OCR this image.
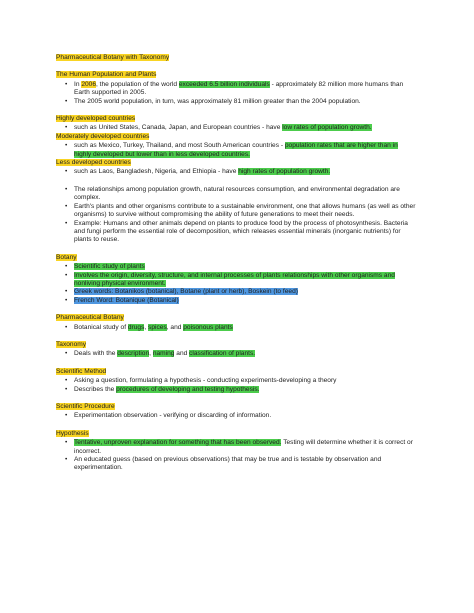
Pharmaceutical Botany with Taxonomy

The Human Population and Plants

• In 2006, the population of the world exceeded 6.5 billion individuals - approximately 82 million more humans than Earth supported in 2005.
• The 2005 world population, in turn, was approximately 81 million greater than the 2004 population.

Highly developed countries

• such as United States, Canada, Japan, and European countries - have low rates of population growth.

Moderately developed countries

• such as Mexico, Turkey, Thailand, and most South American countries - population rates that are higher than in highly developed but lower than in less developed countries.

Less developed countries

• such as Laos, Bangladesh, Nigeria, and Ethiopia - have high rates of population growth.
• The relationships among population growth, natural resources consumption, and environmental degradation are complex.
• Earth's plants and other organisms contribute to a sustainable environment, one that allows humans (as well as other organisms) to survive without compromising the ability of future generations to meet their needs.
• Example: Humans and other animals depend on plants to produce food by the process of photosynthesis. Bacteria and fungi perform the essential role of decomposition, which releases essential minerals (inorganic nutrients) for plants to reuse.

Botany

• Scientific study of plants
• Involves the origin, diversity, structure, and internal processes of plants relationships with other organisms and nonliving physical environment.
• Greek words: Botanikos (botanical), Botane (plant or herb), Boskein (to feed)
• French Word: Botanique (Botanical)

Pharmaceutical Botany

• Botanical study of drugs, spices, and poisonous plants

Taxonomy

• Deals with the description, naming and classification of plants.

Scientific Method

• Asking a question, formulating a hypothesis - conducting experiments-developing a theory
• Describes the procedures of developing and testing hypothesis.

Scientific Procedure

• Experimentation observation - verifying or discarding of information.

Hypothesis

• Tentative, unproven explanation for something that has been observed. Testing will determine whether it is correct or incorrect.
• An educated guess (based on previous observations) that may be true and is testable by observation and experimentation.
